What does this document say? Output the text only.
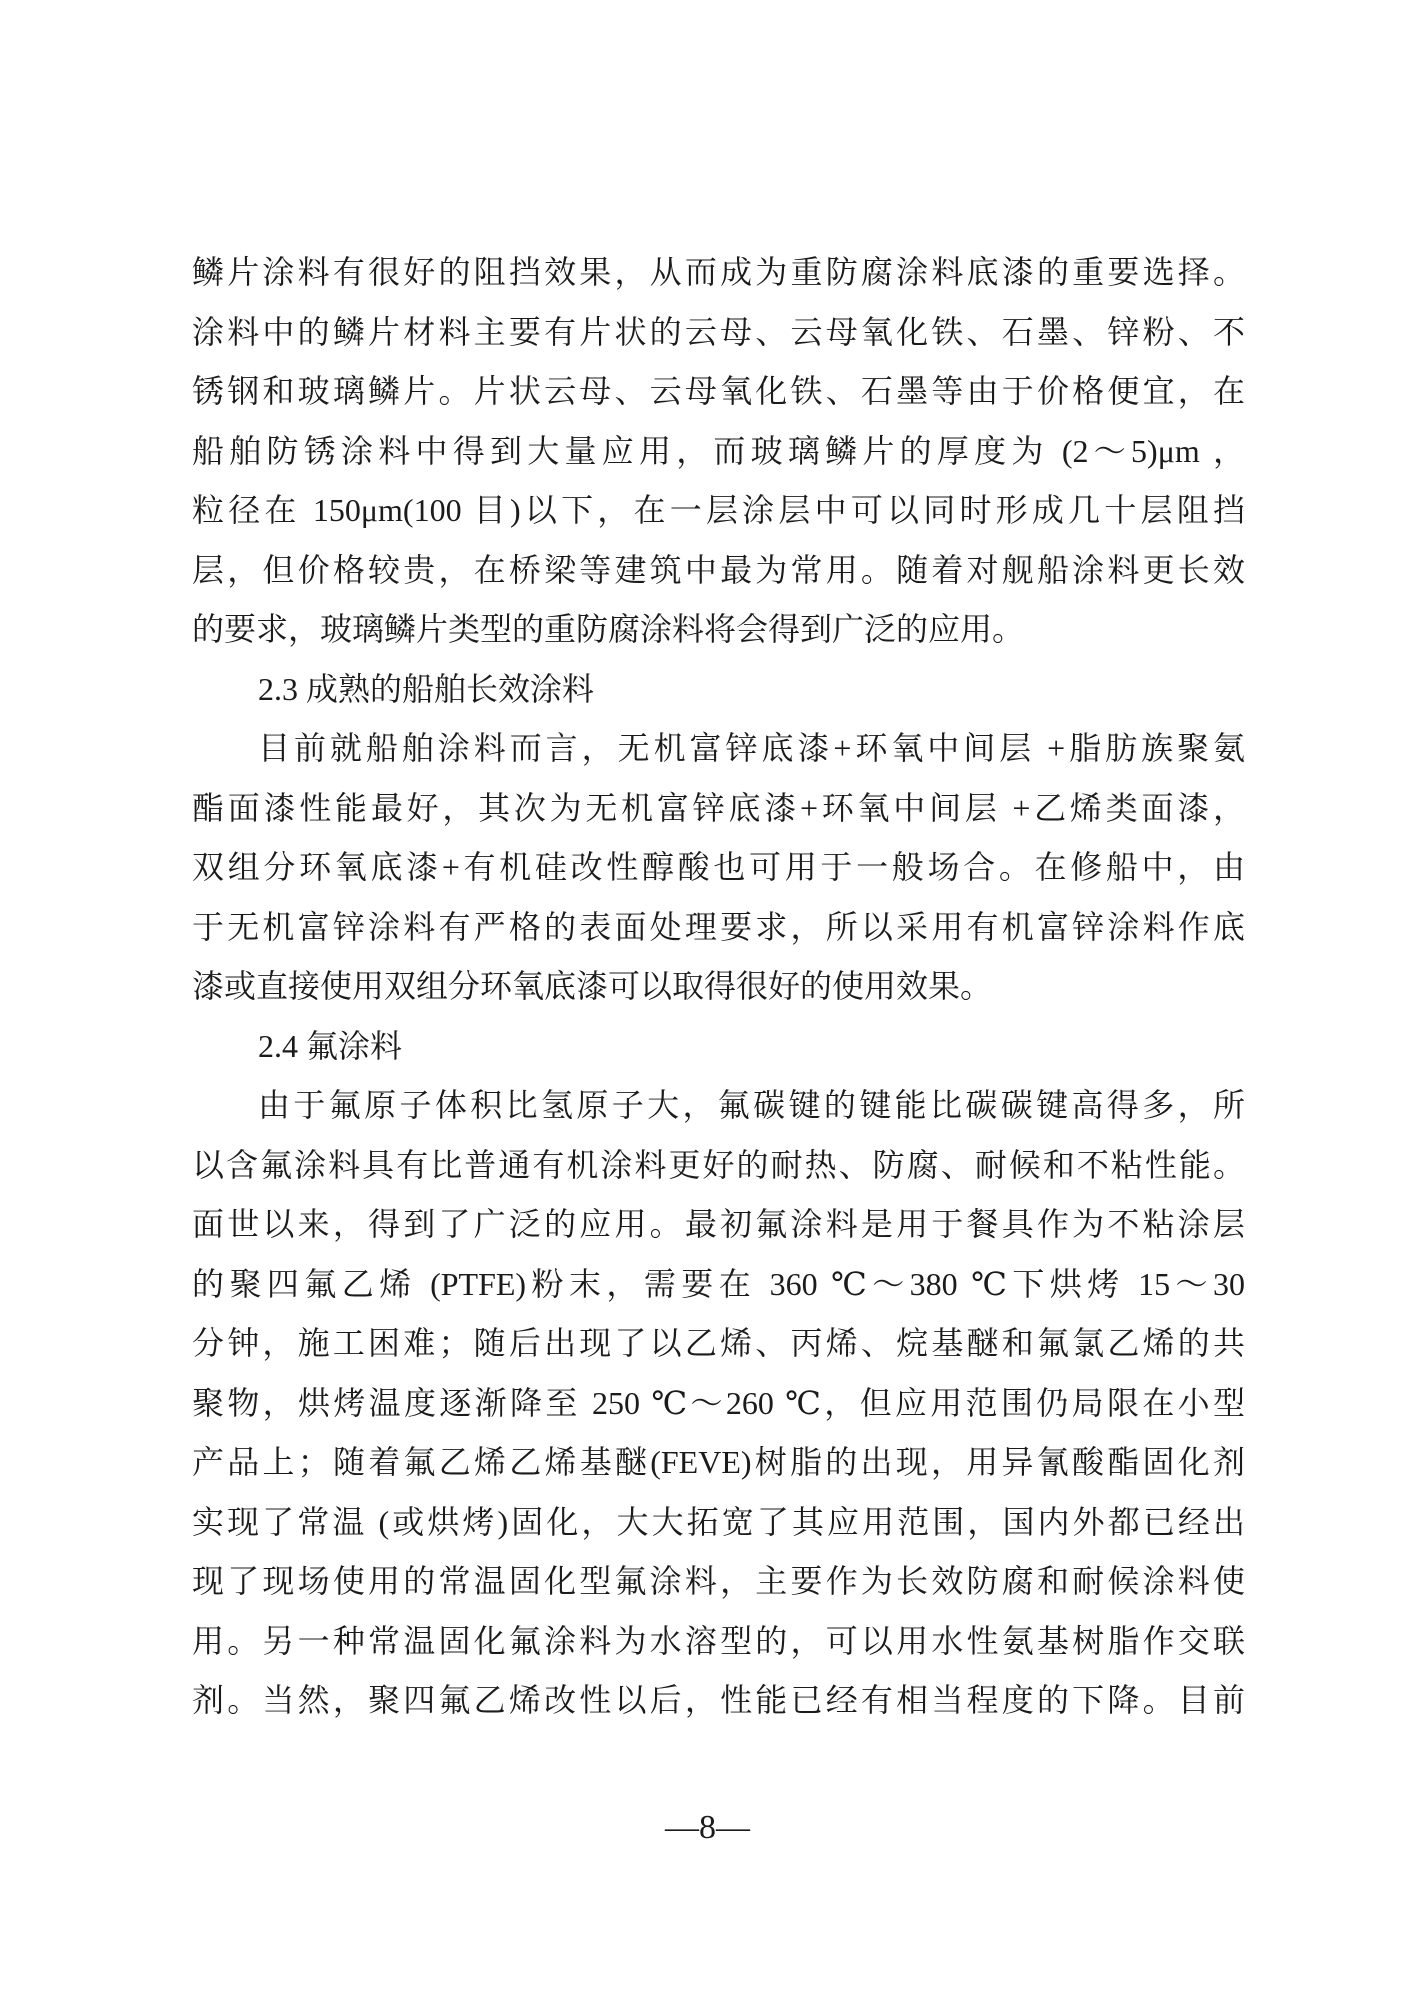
鳞片涂料有很好的阻挡效果，从而成为重防腐涂料底漆的重要选择。
涂料中的鳞片材料主要有片状的云母、云母氧化铁、石墨、锌粉、不
锈钢和玻璃鳞片。片状云母、云母氧化铁、石墨等由于价格便宜，在
船舶防锈涂料中得到大量应用，而玻璃鳞片的厚度为 (2～5)μm ，
粒径在 150μm(100 目)以下，在一层涂层中可以同时形成几十层阻挡
层，但价格较贵，在桥梁等建筑中最为常用。随着对舰船涂料更长效
的要求，玻璃鳞片类型的重防腐涂料将会得到广泛的应用。
2.3 成熟的船舶长效涂料
目前就船舶涂料而言，无机富锌底漆+环氧中间层 +脂肪族聚氨
酯面漆性能最好，其次为无机富锌底漆+环氧中间层 +乙烯类面漆，
双组分环氧底漆+有机硅改性醇酸也可用于一般场合。在修船中，由
于无机富锌涂料有严格的表面处理要求，所以采用有机富锌涂料作底
漆或直接使用双组分环氧底漆可以取得很好的使用效果。
2.4 氟涂料
由于氟原子体积比氢原子大，氟碳键的键能比碳碳键高得多，所
以含氟涂料具有比普通有机涂料更好的耐热、防腐、耐候和不粘性能。
面世以来，得到了广泛的应用。最初氟涂料是用于餐具作为不粘涂层
的聚四氟乙烯 (PTFE)粉末，需要在 360 ℃～380 ℃下烘烤 15～30
分钟，施工困难；随后出现了以乙烯、丙烯、烷基醚和氟氯乙烯的共
聚物，烘烤温度逐渐降至 250 ℃～260 ℃，但应用范围仍局限在小型
产品上；随着氟乙烯乙烯基醚(FEVE)树脂的出现，用异氰酸酯固化剂
实现了常温 (或烘烤)固化，大大拓宽了其应用范围，国内外都已经出
现了现场使用的常温固化型氟涂料，主要作为长效防腐和耐候涂料使
用。另一种常温固化氟涂料为水溶型的，可以用水性氨基树脂作交联
剂。当然，聚四氟乙烯改性以后，性能已经有相当程度的下降。目前
—8—
